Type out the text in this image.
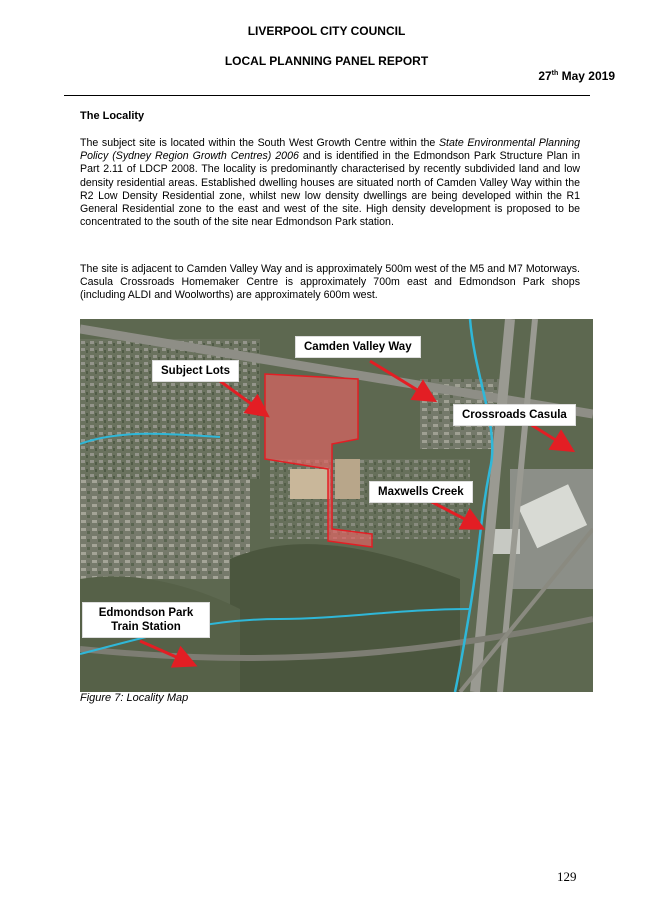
LIVERPOOL CITY COUNCIL
LOCAL PLANNING PANEL REPORT
27th May 2019
The Locality
The subject site is located within the South West Growth Centre within the State Environmental Planning Policy (Sydney Region Growth Centres) 2006 and is identified in the Edmondson Park Structure Plan in Part 2.11 of LDCP 2008. The locality is predominantly characterised by recently subdivided land and low density residential areas. Established dwelling houses are situated north of Camden Valley Way within the R2 Low Density Residential zone, whilst new low density dwellings are being developed within the R1 General Residential zone to the east and west of the site. High density development is proposed to be concentrated to the south of the site near Edmondson Park station.
The site is adjacent to Camden Valley Way and is approximately 500m west of the M5 and M7 Motorways. Casula Crossroads Homemaker Centre is approximately 700m east and Edmondson Park shops (including ALDI and Woolworths) are approximately 600m west.
Camden Valley Way
Subject Lots
Crossroads Casula
Maxwells Creek
Edmondson Park
Train Station
Figure 7: Locality Map
129
